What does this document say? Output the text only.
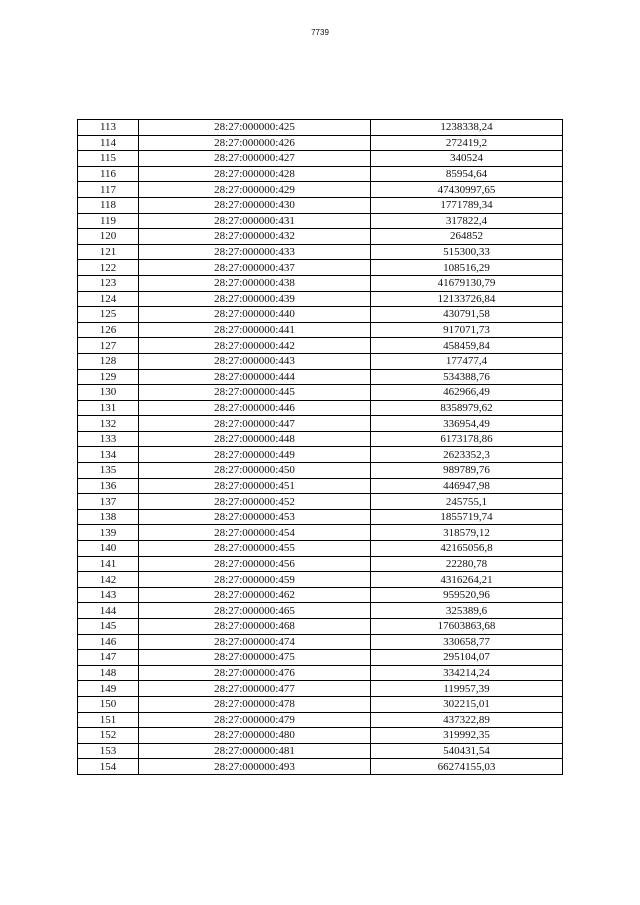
7739
113	28:27:000000:425	1238338,24
114	28:27:000000:426	272419,2
115	28:27:000000:427	340524
116	28:27:000000:428	85954,64
117	28:27:000000:429	47430997,65
118	28:27:000000:430	1771789,34
119	28:27:000000:431	317822,4
120	28:27:000000:432	264852
121	28:27:000000:433	515300,33
122	28:27:000000:437	108516,29
123	28:27:000000:438	41679130,79
124	28:27:000000:439	12133726,84
125	28:27:000000:440	430791,58
126	28:27:000000:441	917071,73
127	28:27:000000:442	458459,84
128	28:27:000000:443	177477,4
129	28:27:000000:444	534388,76
130	28:27:000000:445	462966,49
131	28:27:000000:446	8358979,62
132	28:27:000000:447	336954,49
133	28:27:000000:448	6173178,86
134	28:27:000000:449	2623352,3
135	28:27:000000:450	989789,76
136	28:27:000000:451	446947,98
137	28:27:000000:452	245755,1
138	28:27:000000:453	1855719,74
139	28:27:000000:454	318579,12
140	28:27:000000:455	42165056,8
141	28:27:000000:456	22280,78
142	28:27:000000:459	4316264,21
143	28:27:000000:462	959520,96
144	28:27:000000:465	325389,6
145	28:27:000000:468	17603863,68
146	28:27:000000:474	330658,77
147	28:27:000000:475	295104,07
148	28:27:000000:476	334214,24
149	28:27:000000:477	119957,39
150	28:27:000000:478	302215,01
151	28:27:000000:479	437322,89
152	28:27:000000:480	319992,35
153	28:27:000000:481	540431,54
154	28:27:000000:493	66274155,03
